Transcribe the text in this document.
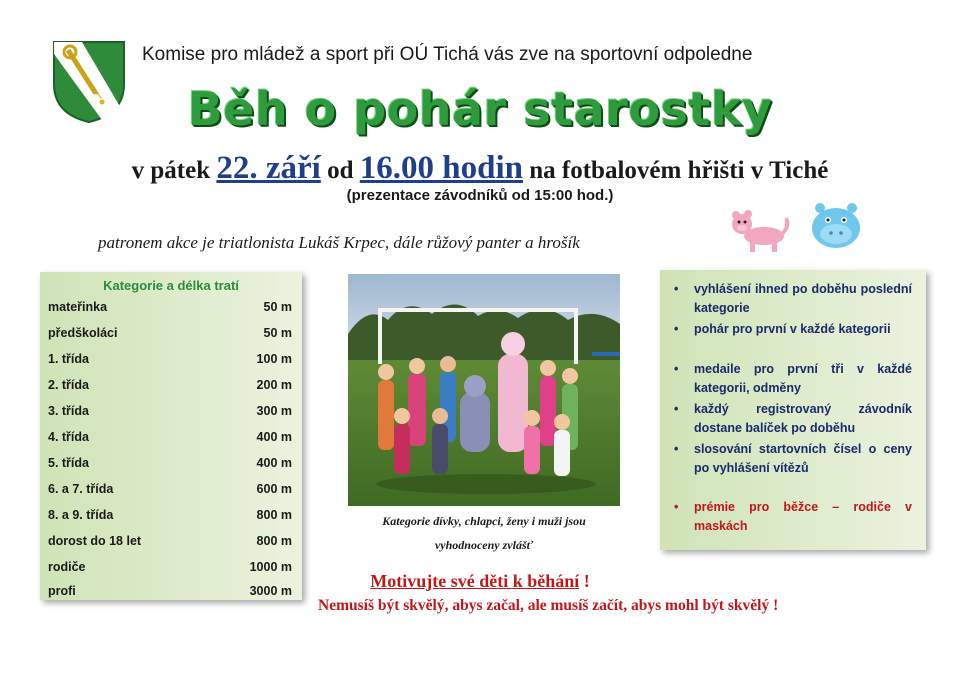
Komise pro mládež a sport při OÚ Tichá vás zve na sportovní odpoledne
Běh o pohár starostky
v pátek 22. září od 16.00 hodin na fotbalovém hřišti v Tiché
(prezentace závodníků od 15:00 hod.)
patronem akce je triatlonista Lukáš Krpec, dále růžový panter a hrošík
Kategorie a délka tratí
mateřinka	50 m
předškoláci	50 m
1. třída	100 m
2. třída	200 m
3. třída	300 m
4. třída	400 m
5. třída	400 m
6. a 7. třída	600 m
8. a 9. třída	800 m
dorost do 18 let	800 m
rodiče	1000 m
profi	3000 m
Kategorie dívky, chlapci, ženy i muži jsou
vyhodnoceny zvlášť
• vyhlášení ihned po doběhu poslední kategorie
• pohár pro první v každé kategorii
• medaile pro první tři v každé kategorii, odměny
• každý registrovaný závodník dostane balíček po doběhu
• slosování startovních čísel o ceny po vyhlášení vítězů
• prémie pro běžce – rodiče v maskách
Motivujte své děti k běhání !
Nemusíš být skvělý, abys začal, ale musíš začít, abys mohl být skvělý !
